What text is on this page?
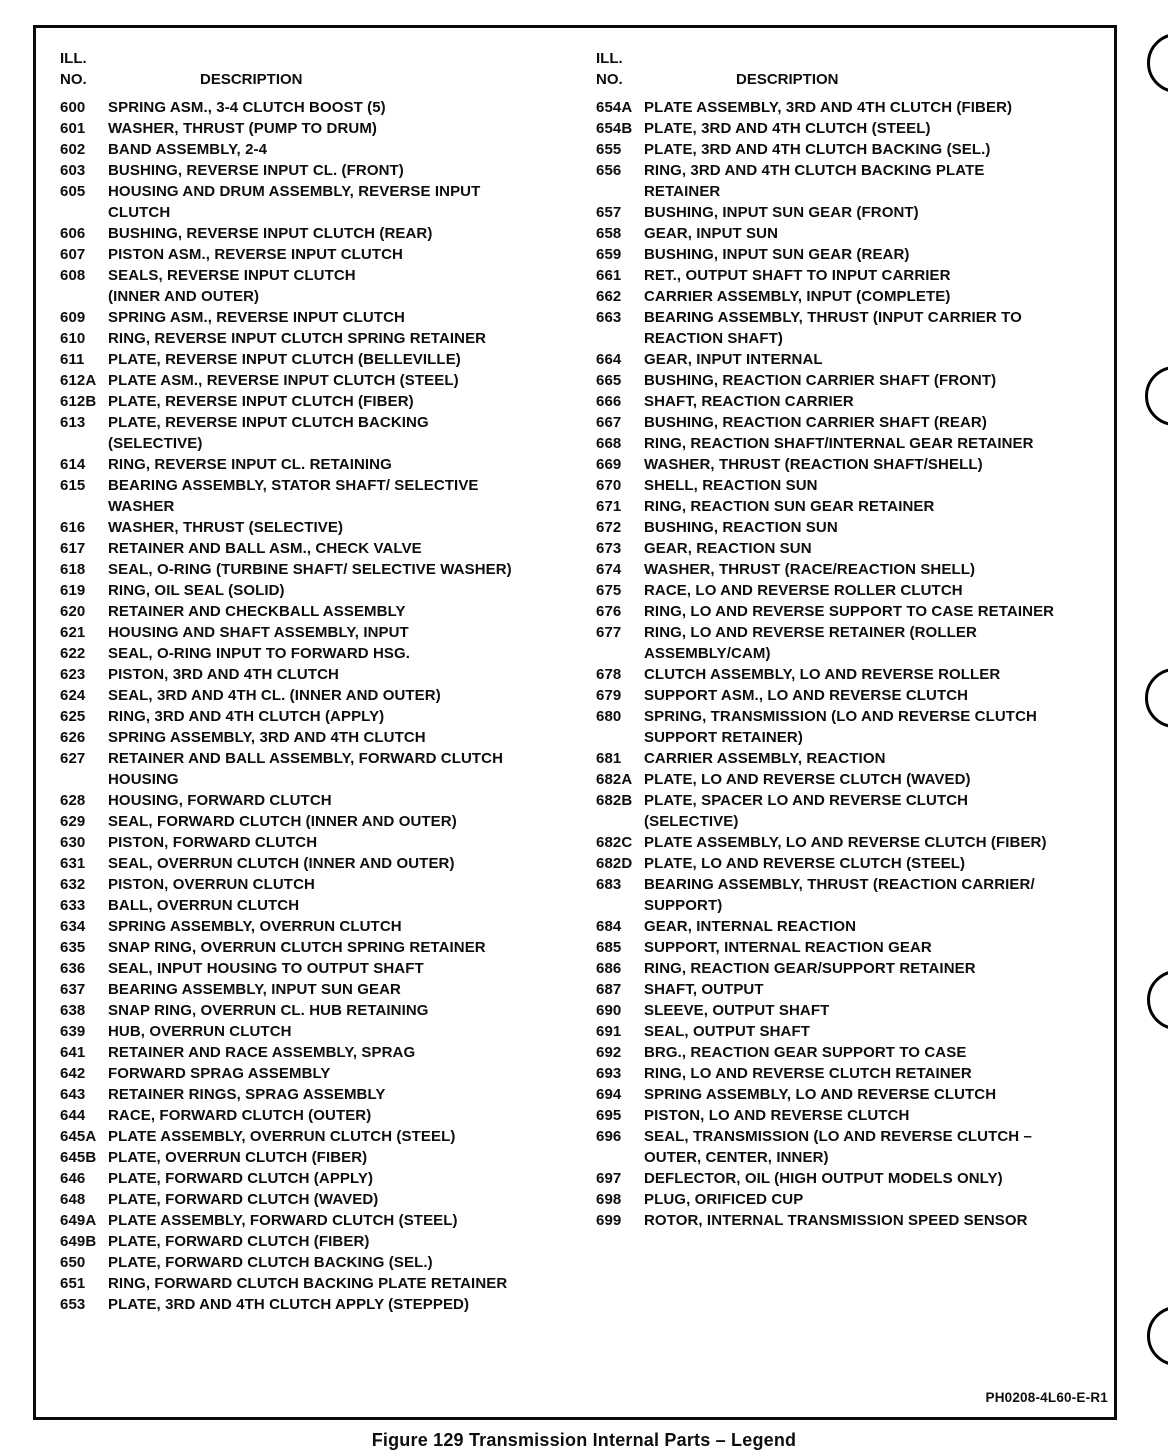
ILL.
NO.	DESCRIPTION
600	SPRING ASM., 3-4 CLUTCH BOOST (5)
601	WASHER, THRUST (PUMP TO DRUM)
602	BAND ASSEMBLY, 2-4
603	BUSHING, REVERSE INPUT CL. (FRONT)
605	HOUSING AND DRUM ASSEMBLY, REVERSE INPUT
CLUTCH
606	BUSHING, REVERSE INPUT CLUTCH (REAR)
607	PISTON ASM., REVERSE INPUT CLUTCH
608	SEALS, REVERSE INPUT CLUTCH
(INNER AND OUTER)
609	SPRING ASM., REVERSE INPUT CLUTCH
610	RING, REVERSE INPUT CLUTCH SPRING RETAINER
611	PLATE, REVERSE INPUT CLUTCH (BELLEVILLE)
612A PLATE ASM., REVERSE INPUT CLUTCH (STEEL)
612B PLATE, REVERSE INPUT CLUTCH (FIBER)
613	PLATE, REVERSE INPUT CLUTCH BACKING
(SELECTIVE)
614	RING, REVERSE INPUT CL. RETAINING
615	BEARING ASSEMBLY, STATOR SHAFT/ SELECTIVE
WASHER
616	WASHER, THRUST (SELECTIVE)
617	RETAINER AND BALL ASM., CHECK VALVE
618	SEAL, O-RING (TURBINE SHAFT/ SELECTIVE WASHER)
619	RING, OIL SEAL (SOLID)
620	RETAINER AND CHECKBALL ASSEMBLY
621	HOUSING AND SHAFT ASSEMBLY, INPUT
622	SEAL, O-RING INPUT TO FORWARD HSG.
623	PISTON, 3RD AND 4TH CLUTCH
624	SEAL, 3RD AND 4TH CL. (INNER AND OUTER)
625	RING, 3RD AND 4TH CLUTCH (APPLY)
626	SPRING ASSEMBLY, 3RD AND 4TH CLUTCH
627	RETAINER AND BALL ASSEMBLY, FORWARD CLUTCH
HOUSING
628	HOUSING, FORWARD CLUTCH
629	SEAL, FORWARD CLUTCH (INNER AND OUTER)
630	PISTON, FORWARD CLUTCH
631	SEAL, OVERRUN CLUTCH (INNER AND OUTER)
632	PISTON, OVERRUN CLUTCH
633	BALL, OVERRUN CLUTCH
634	SPRING ASSEMBLY, OVERRUN CLUTCH
635	SNAP RING, OVERRUN CLUTCH SPRING RETAINER
636	SEAL, INPUT HOUSING TO OUTPUT SHAFT
637	BEARING ASSEMBLY, INPUT SUN GEAR
638	SNAP RING, OVERRUN CL. HUB RETAINING
639	HUB, OVERRUN CLUTCH
641	RETAINER AND RACE ASSEMBLY, SPRAG
642	FORWARD SPRAG ASSEMBLY
643	RETAINER RINGS, SPRAG ASSEMBLY
644	RACE, FORWARD CLUTCH (OUTER)
645A PLATE ASSEMBLY, OVERRUN CLUTCH (STEEL)
645B PLATE, OVERRUN CLUTCH (FIBER)
646	PLATE, FORWARD CLUTCH (APPLY)
648	PLATE, FORWARD CLUTCH (WAVED)
649A PLATE ASSEMBLY, FORWARD CLUTCH (STEEL)
649B PLATE, FORWARD CLUTCH (FIBER)
650	PLATE, FORWARD CLUTCH BACKING (SEL.)
651	RING, FORWARD CLUTCH BACKING PLATE RETAINER
653	PLATE, 3RD AND 4TH CLUTCH APPLY (STEPPED)
ILL.
NO.	DESCRIPTION
654A PLATE ASSEMBLY, 3RD AND 4TH CLUTCH (FIBER)
654B PLATE, 3RD AND 4TH CLUTCH (STEEL)
655	PLATE, 3RD AND 4TH CLUTCH BACKING (SEL.)
656	RING, 3RD AND 4TH CLUTCH BACKING PLATE
RETAINER
657	BUSHING, INPUT SUN GEAR (FRONT)
658	GEAR, INPUT SUN
659	BUSHING, INPUT SUN GEAR (REAR)
661	RET., OUTPUT SHAFT TO INPUT CARRIER
662	CARRIER ASSEMBLY, INPUT (COMPLETE)
663	BEARING ASSEMBLY, THRUST (INPUT CARRIER TO
REACTION SHAFT)
664	GEAR, INPUT INTERNAL
665	BUSHING, REACTION CARRIER SHAFT (FRONT)
666	SHAFT, REACTION CARRIER
667	BUSHING, REACTION CARRIER SHAFT (REAR)
668	RING, REACTION SHAFT/INTERNAL GEAR RETAINER
669	WASHER, THRUST (REACTION SHAFT/SHELL)
670	SHELL, REACTION SUN
671	RING, REACTION SUN GEAR RETAINER
672	BUSHING, REACTION SUN
673	GEAR, REACTION SUN
674	WASHER, THRUST (RACE/REACTION SHELL)
675	RACE, LO AND REVERSE ROLLER CLUTCH
676	RING, LO AND REVERSE SUPPORT TO CASE RETAINER
677	RING, LO AND REVERSE RETAINER (ROLLER
ASSEMBLY/CAM)
678	CLUTCH ASSEMBLY, LO AND REVERSE ROLLER
679	SUPPORT ASM., LO AND REVERSE CLUTCH
680	SPRING, TRANSMISSION (LO AND REVERSE CLUTCH
SUPPORT RETAINER)
681	CARRIER ASSEMBLY, REACTION
682A PLATE, LO AND REVERSE CLUTCH (WAVED)
682B PLATE, SPACER LO AND REVERSE CLUTCH
(SELECTIVE)
682C PLATE ASSEMBLY, LO AND REVERSE CLUTCH (FIBER)
682D PLATE, LO AND REVERSE CLUTCH (STEEL)
683	BEARING ASSEMBLY, THRUST (REACTION CARRIER/
SUPPORT)
684	GEAR, INTERNAL REACTION
685	SUPPORT, INTERNAL REACTION GEAR
686	RING, REACTION GEAR/SUPPORT RETAINER
687	SHAFT, OUTPUT
690	SLEEVE, OUTPUT SHAFT
691	SEAL, OUTPUT SHAFT
692	BRG., REACTION GEAR SUPPORT TO CASE
693	RING, LO AND REVERSE CLUTCH RETAINER
694	SPRING ASSEMBLY, LO AND REVERSE CLUTCH
695	PISTON, LO AND REVERSE CLUTCH
696	SEAL, TRANSMISSION (LO AND REVERSE CLUTCH –
OUTER, CENTER, INNER)
697	DEFLECTOR, OIL (HIGH OUTPUT MODELS ONLY)
698	PLUG, ORIFICED CUP
699	ROTOR, INTERNAL TRANSMISSION SPEED SENSOR
PH0208-4L60-E-R1
Figure 129 Transmission Internal Parts – Legend
